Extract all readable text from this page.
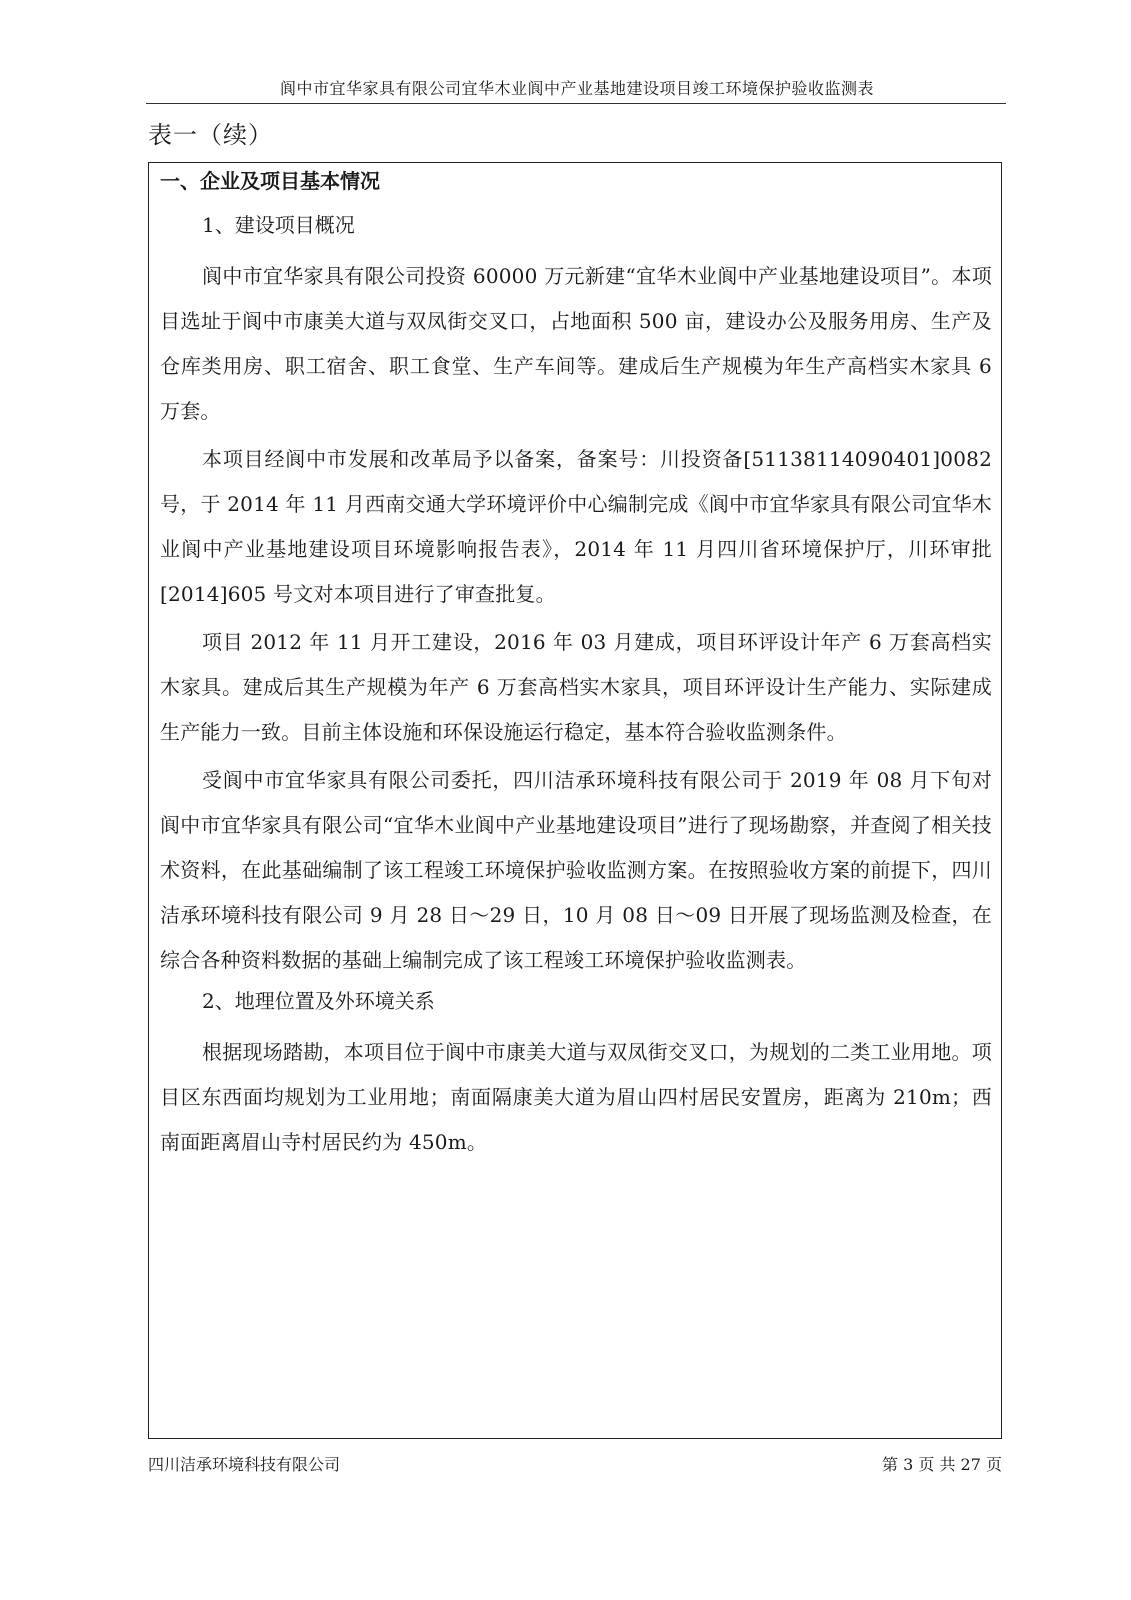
阆中市宜华家具有限公司宜华木业阆中产业基地建设项目竣工环境保护验收监测表
表一（续）
一、企业及项目基本情况
1、建设项目概况

阆中市宜华家具有限公司投资 60000 万元新建“宜华木业阆中产业基地建设项目”。本项目选址于阆中市康美大道与双凤街交叉口，占地面积 500 亩，建设办公及服务用房、生产及仓库类用房、职工宿舍、职工食堂、生产车间等。建成后生产规模为年生产高档实木家具 6 万套。

本项目经阆中市发展和改革局予以备案，备案号：川投资备[51138114090401]0082 号，于 2014 年 11 月西南交通大学环境评价中心编制完成《阆中市宜华家具有限公司宜华木业阆中产业基地建设项目环境影响报告表》，2014 年 11 月四川省环境保护厅，川环审批[2014]605 号文对本项目进行了审查批复。

项目 2012 年 11 月开工建设，2016 年 03 月建成，项目环评设计年产 6 万套高档实木家具。建成后其生产规模为年产 6 万套高档实木家具，项目环评设计生产能力、实际建成生产能力一致。目前主体设施和环保设施运行稳定，基本符合验收监测条件。

受阆中市宜华家具有限公司委托，四川洁承环境科技有限公司于 2019 年 08 月下旬对阆中市宜华家具有限公司“宜华木业阆中产业基地建设项目”进行了现场勘察，并查阅了相关技术资料，在此基础编制了该工程竣工环境保护验收监测方案。在按照验收方案的前提下，四川洁承环境科技有限公司 9 月 28 日～29 日，10 月 08 日～09 日开展了现场监测及检查，在综合各种资料数据的基础上编制完成了该工程竣工环境保护验收监测表。

2、地理位置及外环境关系

根据现场踏勘，本项目位于阆中市康美大道与双凤街交叉口，为规划的二类工业用地。项目区东西面均规划为工业用地；南面隔康美大道为眉山四村居民安置房，距离为 210m；西南面距离眉山寺村居民约为 450m。

四川洁承环境科技有限公司	第 3 页 共 27 页
